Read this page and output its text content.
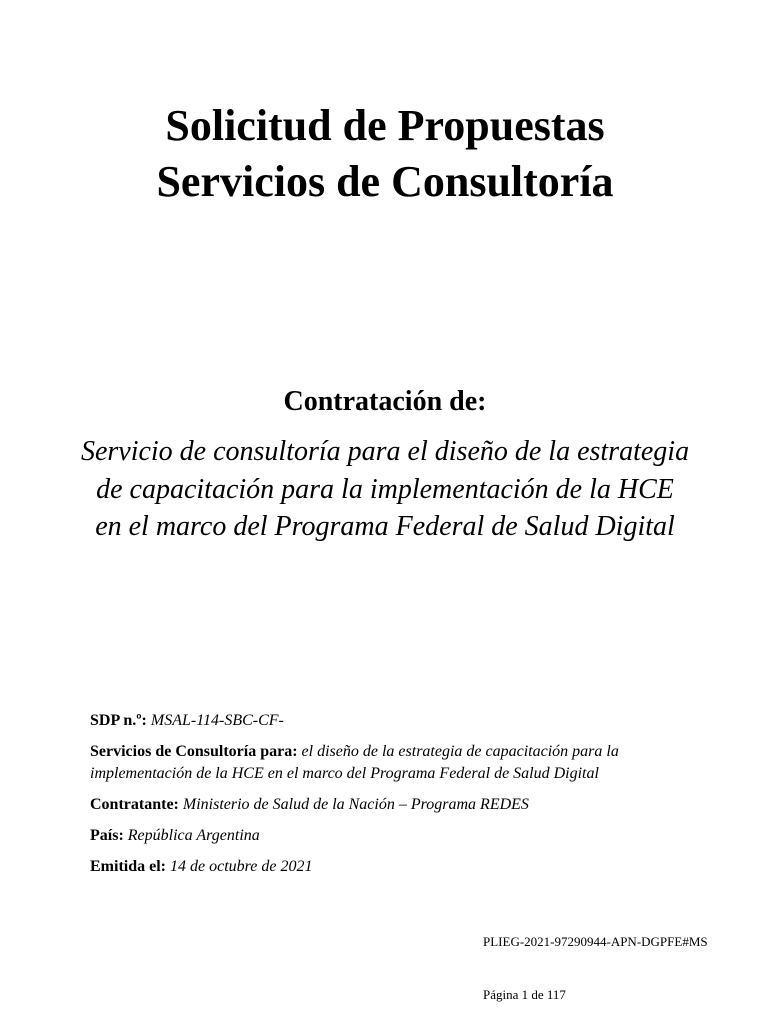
Solicitud de Propuestas
Servicios de Consultoría
Contratación de:
Servicio de consultoría para el diseño de la estrategia de capacitación para la implementación de la HCE en el marco del Programa Federal de Salud Digital
SDP n.º: MSAL-114-SBC-CF-
Servicios de Consultoría para: el diseño de la estrategia de capacitación para la implementación de la HCE en el marco del Programa Federal de Salud Digital
Contratante: Ministerio de Salud de la Nación – Programa REDES
País: República Argentina
Emitida el: 14 de octubre de 2021
PLIEG-2021-97290944-APN-DGPFE#MS
Página 1 de 117
